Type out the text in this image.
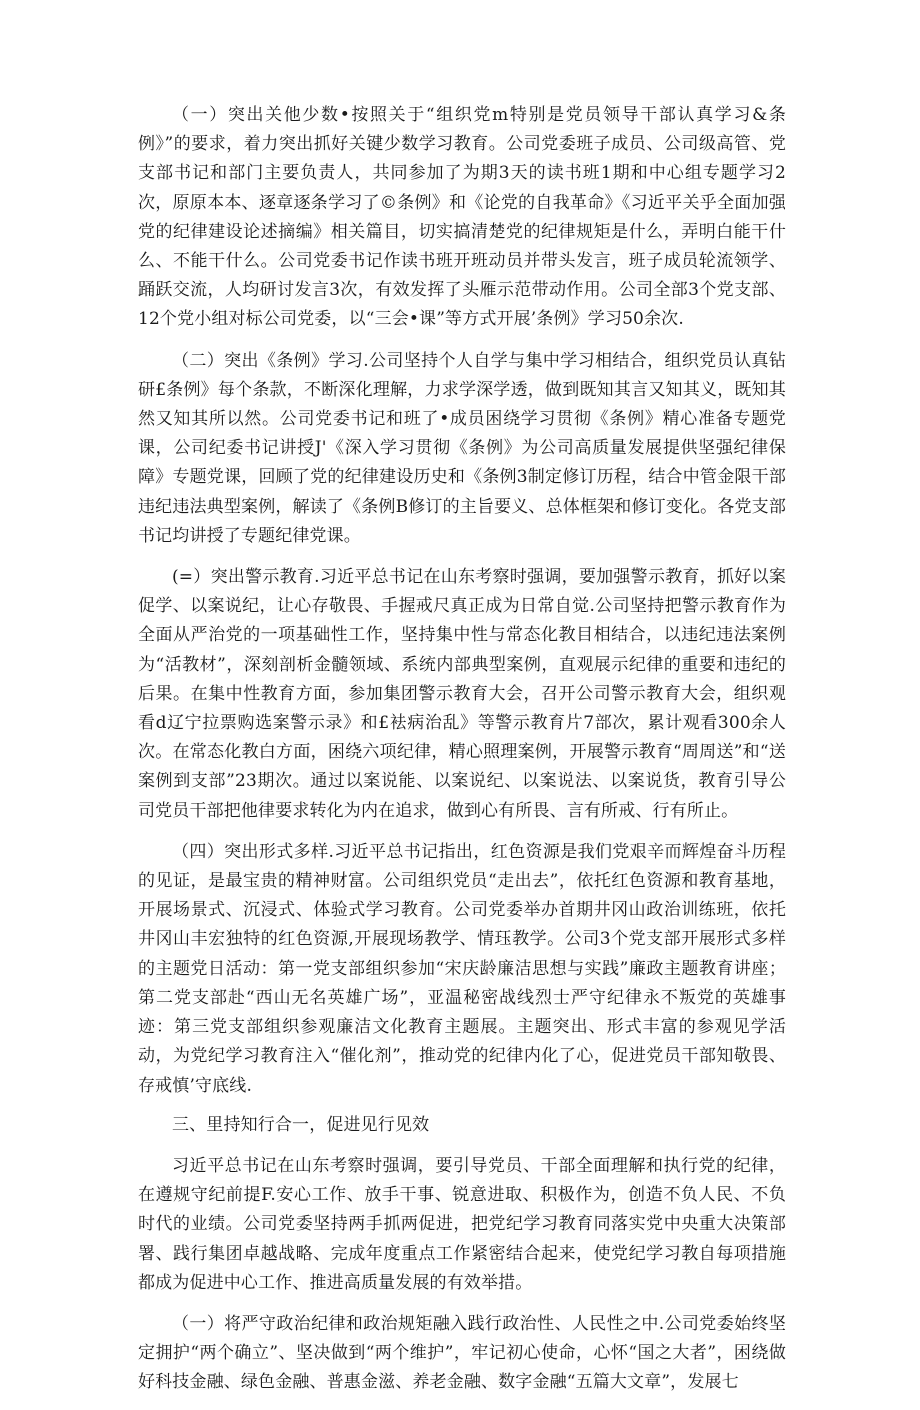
（一）突出关他少数•按照关于“组织党m特别是党员领导干部认真学习&条例》”的要求，着力突出抓好关键少数学习教育。公司党委班子成员、公司级高管、党支部书记和部门主要负责人，共同参加了为期3天的读书班1期和中心组专题学习2次，原原本本、逐章逐条学习了©条例》和《论党的自我革命》《习近平关乎全面加强党的纪律建设论述摘编》相关篇目，切实搞清楚党的纪律规矩是什么，弄明白能干什么、不能干什么。公司党委书记作读书班开班动员并带头发言，班子成员轮流领学、踊跃交流，人均研讨发言3次，有效发挥了头雁示范带动作用。公司全部3个党支部、12个党小组对标公司党委，以“三会•课”等方式开展’条例》学习50余次.

（二）突出《条例》学习.公司坚持个人自学与集中学习相结合，组织党员认真钻研£条例》每个条款，不断深化理解，力求学深学透，做到既知其言又知其义，既知其然又知其所以然。公司党委书记和班了•成员困绕学习贯彻《条例》精心准备专题党课，公司纪委书记讲授J'《深入学习贯彻《条例》为公司高质量发展提供坚强纪律保障》专题党课，回顾了党的纪律建设历史和《条例3制定修订历程，结合中管金限干部违纪违法典型案例，解读了《条例B修订的主旨要义、总体框架和修订变化。各党支部书记均讲授了专题纪律党课。

(=）突出警示教育.习近平总书记在山东考察时强调，要加强警示教育，抓好以案促学、以案说纪，让心存敬畏、手握戒尺真正成为日常自觉.公司坚持把警示教育作为全面从严治党的一项基础性工作，坚持集中性与常态化教目相结合，以违纪违法案例为“活教材”，深刻剖析金髓领域、系统内部典型案例，直观展示纪律的重要和违纪的后果。在集中性教育方面，参加集团警示教育大会，召开公司警示教育大会，组织观看d辽宁拉票购选案警示录》和£袪病治乱》等警示教育片7部次，累计观看300余人次。在常态化教白方面，困绕六项纪律，精心照理案例，开展警示教育“周周送”和“送案例到支部”23期次。通过以案说能、以案说纪、以案说法、以案说货，教育引导公司党员干部把他律要求转化为内在追求，做到心有所畏、言有所戒、行有所止。

（四）突出形式多样.习近平总书记指出，红色资源是我们党艰辛而辉煌奋斗历程的见证，是最宝贵的精神财富。公司组织党员“走出去”，依托红色资源和教育基地，开展场景式、沉浸式、体验式学习教育。公司党委举办首期井冈山政治训练班，依托井冈山丰宏独特的红色资源,开展现场教学、情珏教学。公司3个党支部开展形式多样的主题党日活动：第一党支部组织参加“宋庆龄廉洁思想与实践”廉政主题教育讲座；第二党支部赴“西山无名英雄广场”，亚温秘密战线烈士严守纪律永不叛党的英雄事迹：第三党支部组织参观廉洁文化教育主题展。主题突出、形式丰富的参观见学活动，为党纪学习教育注入“催化剂”，推动党的纪律内化了心，促进党员干部知敬畏、存戒慎’守底线.

三、里持知行合一，促进见行见效

习近平总书记在山东考察时强调，要引导党员、干部全面理解和执行党的纪律，在遵规守纪前提F.安心工作、放手干事、锐意进取、积极作为，创造不负人民、不负时代的业绩。公司党委坚持两手抓两促进，把党纪学习教育同落实党中央重大决策部署、践行集团卓越战略、完成年度重点工作紧密结合起来，使党纪学习教自每项措施都成为促进中心工作、推进高质量发展的有效举措。

（一）将严守政治纪律和政治规矩融入践行政治性、人民性之中.公司党委始终坚定拥护“两个确立”、坚决做到“两个维护”，牢记初心使命，心怀“国之大者”，困绕做好科技金融、绿色金融、普惠金滋、养老金融、数字金融“五篇大文章”，发展七
